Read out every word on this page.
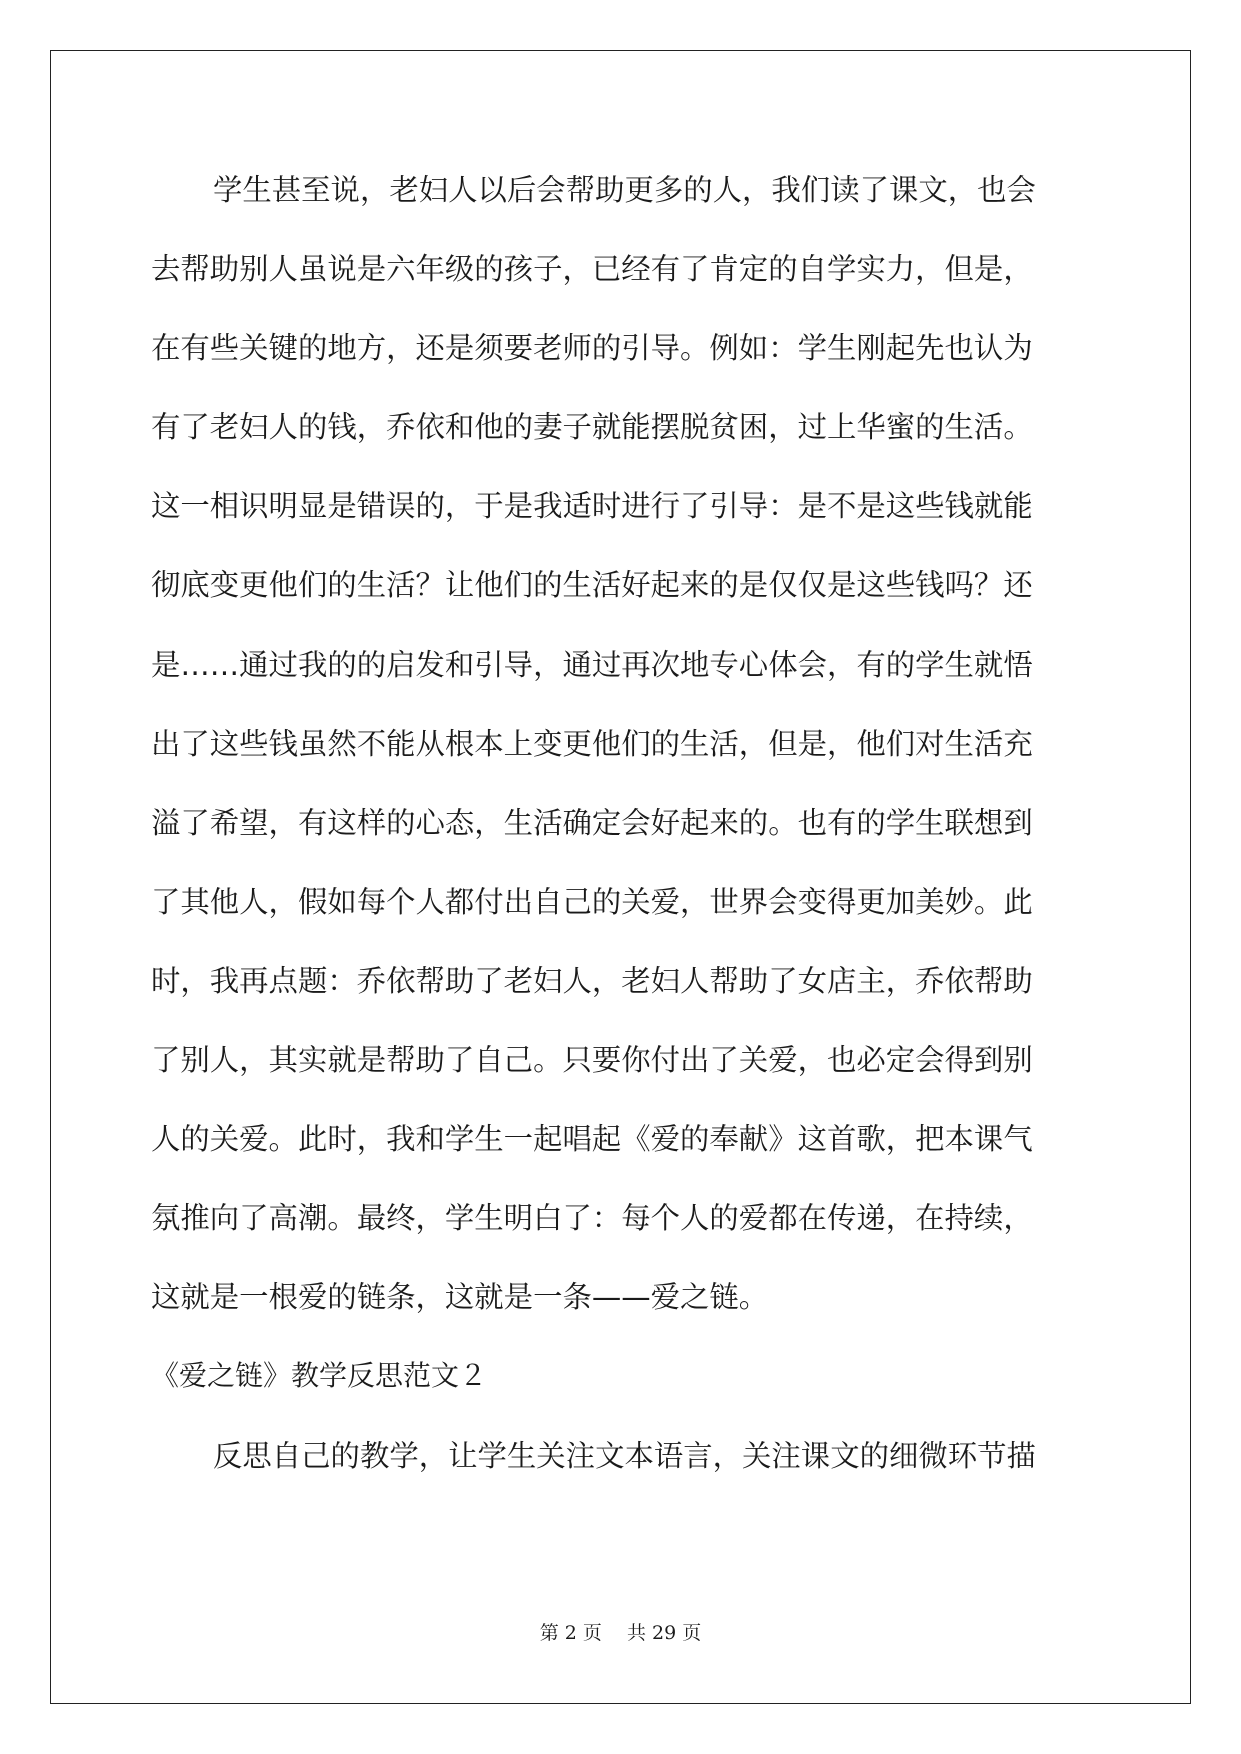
学生甚至说，老妇人以后会帮助更多的人，我们读了课文，也会
去帮助别人虽说是六年级的孩子，已经有了肯定的自学实力，但是，
在有些关键的地方，还是须要老师的引导。例如：学生刚起先也认为
有了老妇人的钱，乔依和他的妻子就能摆脱贫困，过上华蜜的生活。
这一相识明显是错误的，于是我适时进行了引导：是不是这些钱就能
彻底变更他们的生活？让他们的生活好起来的是仅仅是这些钱吗？还
是……通过我的的启发和引导，通过再次地专心体会，有的学生就悟
出了这些钱虽然不能从根本上变更他们的生活，但是，他们对生活充
溢了希望，有这样的心态，生活确定会好起来的。也有的学生联想到
了其他人，假如每个人都付出自己的关爱，世界会变得更加美妙。此
时，我再点题：乔依帮助了老妇人，老妇人帮助了女店主，乔依帮助
了别人，其实就是帮助了自己。只要你付出了关爱，也必定会得到别
人的关爱。此时，我和学生一起唱起《爱的奉献》这首歌，把本课气
氛推向了高潮。最终，学生明白了：每个人的爱都在传递，在持续，
这就是一根爱的链条，这就是一条——爱之链。
《爱之链》教学反思范文２
反思自己的教学，让学生关注文本语言，关注课文的细微环节描
第 2 页　 共 29 页
